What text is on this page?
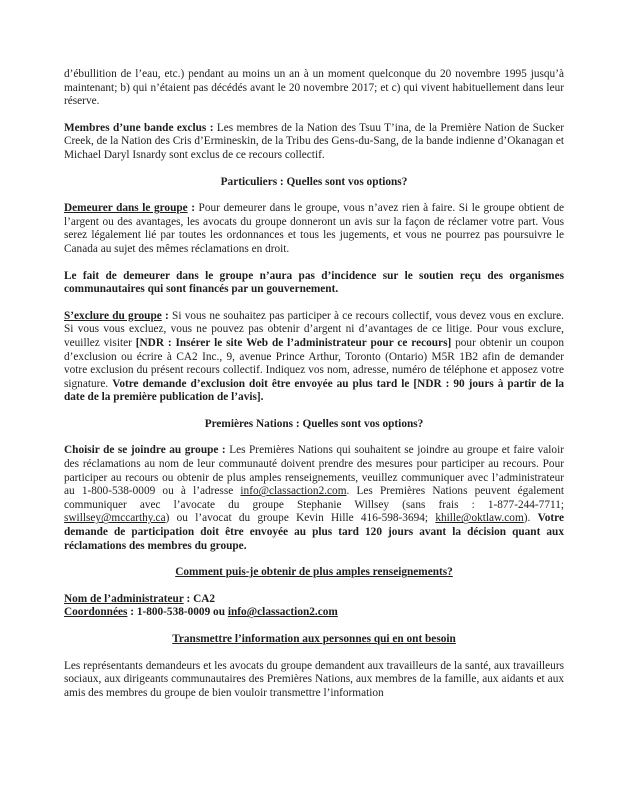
d’ébullition de l’eau, etc.) pendant au moins un an à un moment quelconque du 20 novembre 1995 jusqu’à maintenant; b) qui n’étaient pas décédés avant le 20 novembre 2017; et c) qui vivent habituellement dans leur réserve.

Membres d’une bande exclus : Les membres de la Nation des Tsuu T’ina, de la Première Nation de Sucker Creek, de la Nation des Cris d’Ermineskin, de la Tribu des Gens-du-Sang, de la bande indienne d’Okanagan et Michael Daryl Isnardy sont exclus de ce recours collectif.

Particuliers : Quelles sont vos options?

Demeurer dans le groupe : Pour demeurer dans le groupe, vous n’avez rien à faire. Si le groupe obtient de l’argent ou des avantages, les avocats du groupe donneront un avis sur la façon de réclamer votre part. Vous serez légalement lié par toutes les ordonnances et tous les jugements, et vous ne pourrez pas poursuivre le Canada au sujet des mêmes réclamations en droit.

Le fait de demeurer dans le groupe n’aura pas d’incidence sur le soutien reçu des organismes communautaires qui sont financés par un gouvernement.

S’exclure du groupe : Si vous ne souhaitez pas participer à ce recours collectif, vous devez vous en exclure. Si vous vous excluez, vous ne pouvez pas obtenir d’argent ni d’avantages de ce litige. Pour vous exclure, veuillez visiter [NDR : Insérer le site Web de l’administrateur pour ce recours] pour obtenir un coupon d’exclusion ou écrire à CA2 Inc., 9, avenue Prince Arthur, Toronto (Ontario) M5R 1B2 afin de demander votre exclusion du présent recours collectif. Indiquez vos nom, adresse, numéro de téléphone et apposez votre signature. Votre demande d’exclusion doit être envoyée au plus tard le [NDR : 90 jours à partir de la date de la première publication de l’avis].

Premières Nations : Quelles sont vos options?

Choisir de se joindre au groupe : Les Premières Nations qui souhaitent se joindre au groupe et faire valoir des réclamations au nom de leur communauté doivent prendre des mesures pour participer au recours. Pour participer au recours ou obtenir de plus amples renseignements, veuillez communiquer avec l’administrateur au 1-800-538-0009 ou à l’adresse info@classaction2.com. Les Premières Nations peuvent également communiquer avec l’avocate du groupe Stephanie Willsey (sans frais : 1-877-244-7711; swillsey@mccarthy.ca) ou l’avocat du groupe Kevin Hille 416-598-3694; khille@oktlaw.com). Votre demande de participation doit être envoyée au plus tard 120 jours avant la décision quant aux réclamations des membres du groupe.

Comment puis-je obtenir de plus amples renseignements?

Nom de l’administrateur : CA2

Coordonnées : 1-800-538-0009 ou info@classaction2.com

Transmettre l’information aux personnes qui en ont besoin

Les représentants demandeurs et les avocats du groupe demandent aux travailleurs de la santé, aux travailleurs sociaux, aux dirigeants communautaires des Premières Nations, aux membres de la famille, aux aidants et aux amis des membres du groupe de bien vouloir transmettre l’information
